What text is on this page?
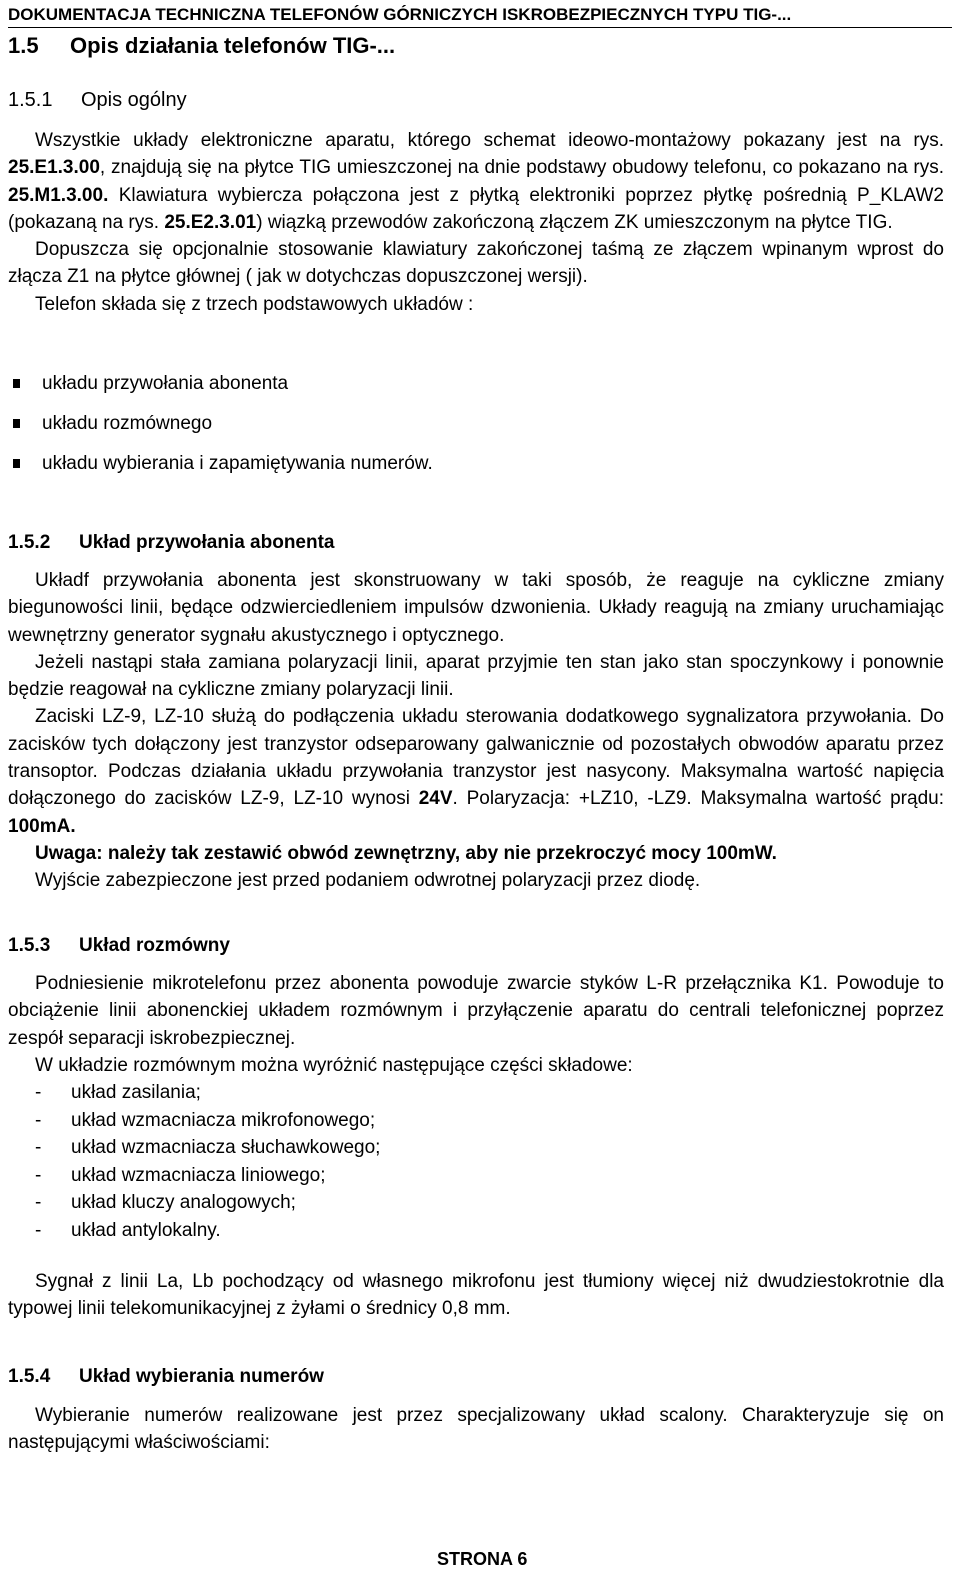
DOKUMENTACJA TECHNICZNA TELEFONÓW GÓRNICZYCH ISKROBEZPIECZNYCH TYPU TIG-...
1.5 Opis działania telefonów TIG-...
1.5.1 Opis ogólny

Wszystkie układy elektroniczne aparatu, którego schemat ideowo-montażowy pokazany jest na rys. 25.E1.3.00, znajdują się na płytce TIG umieszczonej na dnie podstawy obudowy telefonu, co pokazano na rys. 25.M1.3.00. Klawiatura wybiercza połączona jest z płytką elektroniki poprzez płytkę pośrednią P_KLAW2 (pokazaną na rys. 25.E2.3.01) wiązką przewodów zakończoną złączem ZK umieszczonym na płytce TIG.

Dopuszcza się opcjonalnie stosowanie klawiatury zakończonej taśmą ze złączem wpinanym wprost do złącza Z1 na płytce głównej ( jak w dotychczas dopuszczonej wersji).

Telefon składa się z trzech podstawowych układów :

układu przywołania abonenta
układu rozmównego
układu wybierania i zapamiętywania numerów.
1.5.2 Układ przywołania abonenta

Układf przywołania abonenta jest skonstruowany w taki sposób, że reaguje na cykliczne zmiany biegunowości linii, będące odzwierciedleniem impulsów dzwonienia. Układy reagują na zmiany uruchamiając wewnętrzny generator sygnału akustycznego i optycznego.

Jeżeli nastąpi stała zamiana polaryzacji linii, aparat przyjmie ten stan jako stan spoczynkowy i ponownie będzie reagował na cykliczne zmiany polaryzacji linii.

Zaciski LZ-9, LZ-10 służą do podłączenia układu sterowania dodatkowego sygnalizatora przywołania. Do zacisków tych dołączony jest tranzystor odseparowany galwanicznie od pozostałych obwodów aparatu przez transoptor. Podczas działania układu przywołania tranzystor jest nasycony. Maksymalna wartość napięcia dołączonego do zacisków LZ-9, LZ-10 wynosi 24V. Polaryzacja: +LZ10, -LZ9. Maksymalna wartość prądu: 100mA.

Uwaga: należy tak zestawić obwód zewnętrzny, aby nie przekroczyć mocy 100mW.

Wyjście zabezpieczone jest przed podaniem odwrotnej polaryzacji przez diodę.

1.5.3 Układ rozmówny

Podniesienie mikrotelefonu przez abonenta powoduje zwarcie styków L-R przełącznika K1. Powoduje to obciążenie linii abonenckiej układem rozmównym i przyłączenie aparatu do centrali telefonicznej poprzez zespół separacji iskrobezpiecznej.

W układzie rozmównym można wyróżnić następujące części składowe:

- układ zasilania;
- układ wzmacniacza mikrofonowego;
- układ wzmacniacza słuchawkowego;
- układ wzmacniacza liniowego;
- układ kluczy analogowych;
- układ antylokalny.

Sygnał z linii La, Lb pochodzący od własnego mikrofonu jest tłumiony więcej niż dwudziestokrotnie dla typowej linii telekomunikacyjnej z żyłami o średnicy 0,8 mm.

1.5.4 Układ wybierania numerów

Wybieranie numerów realizowane jest przez specjalizowany układ scalony. Charakteryzuje się on następującymi właściwościami:

STRONA 6
